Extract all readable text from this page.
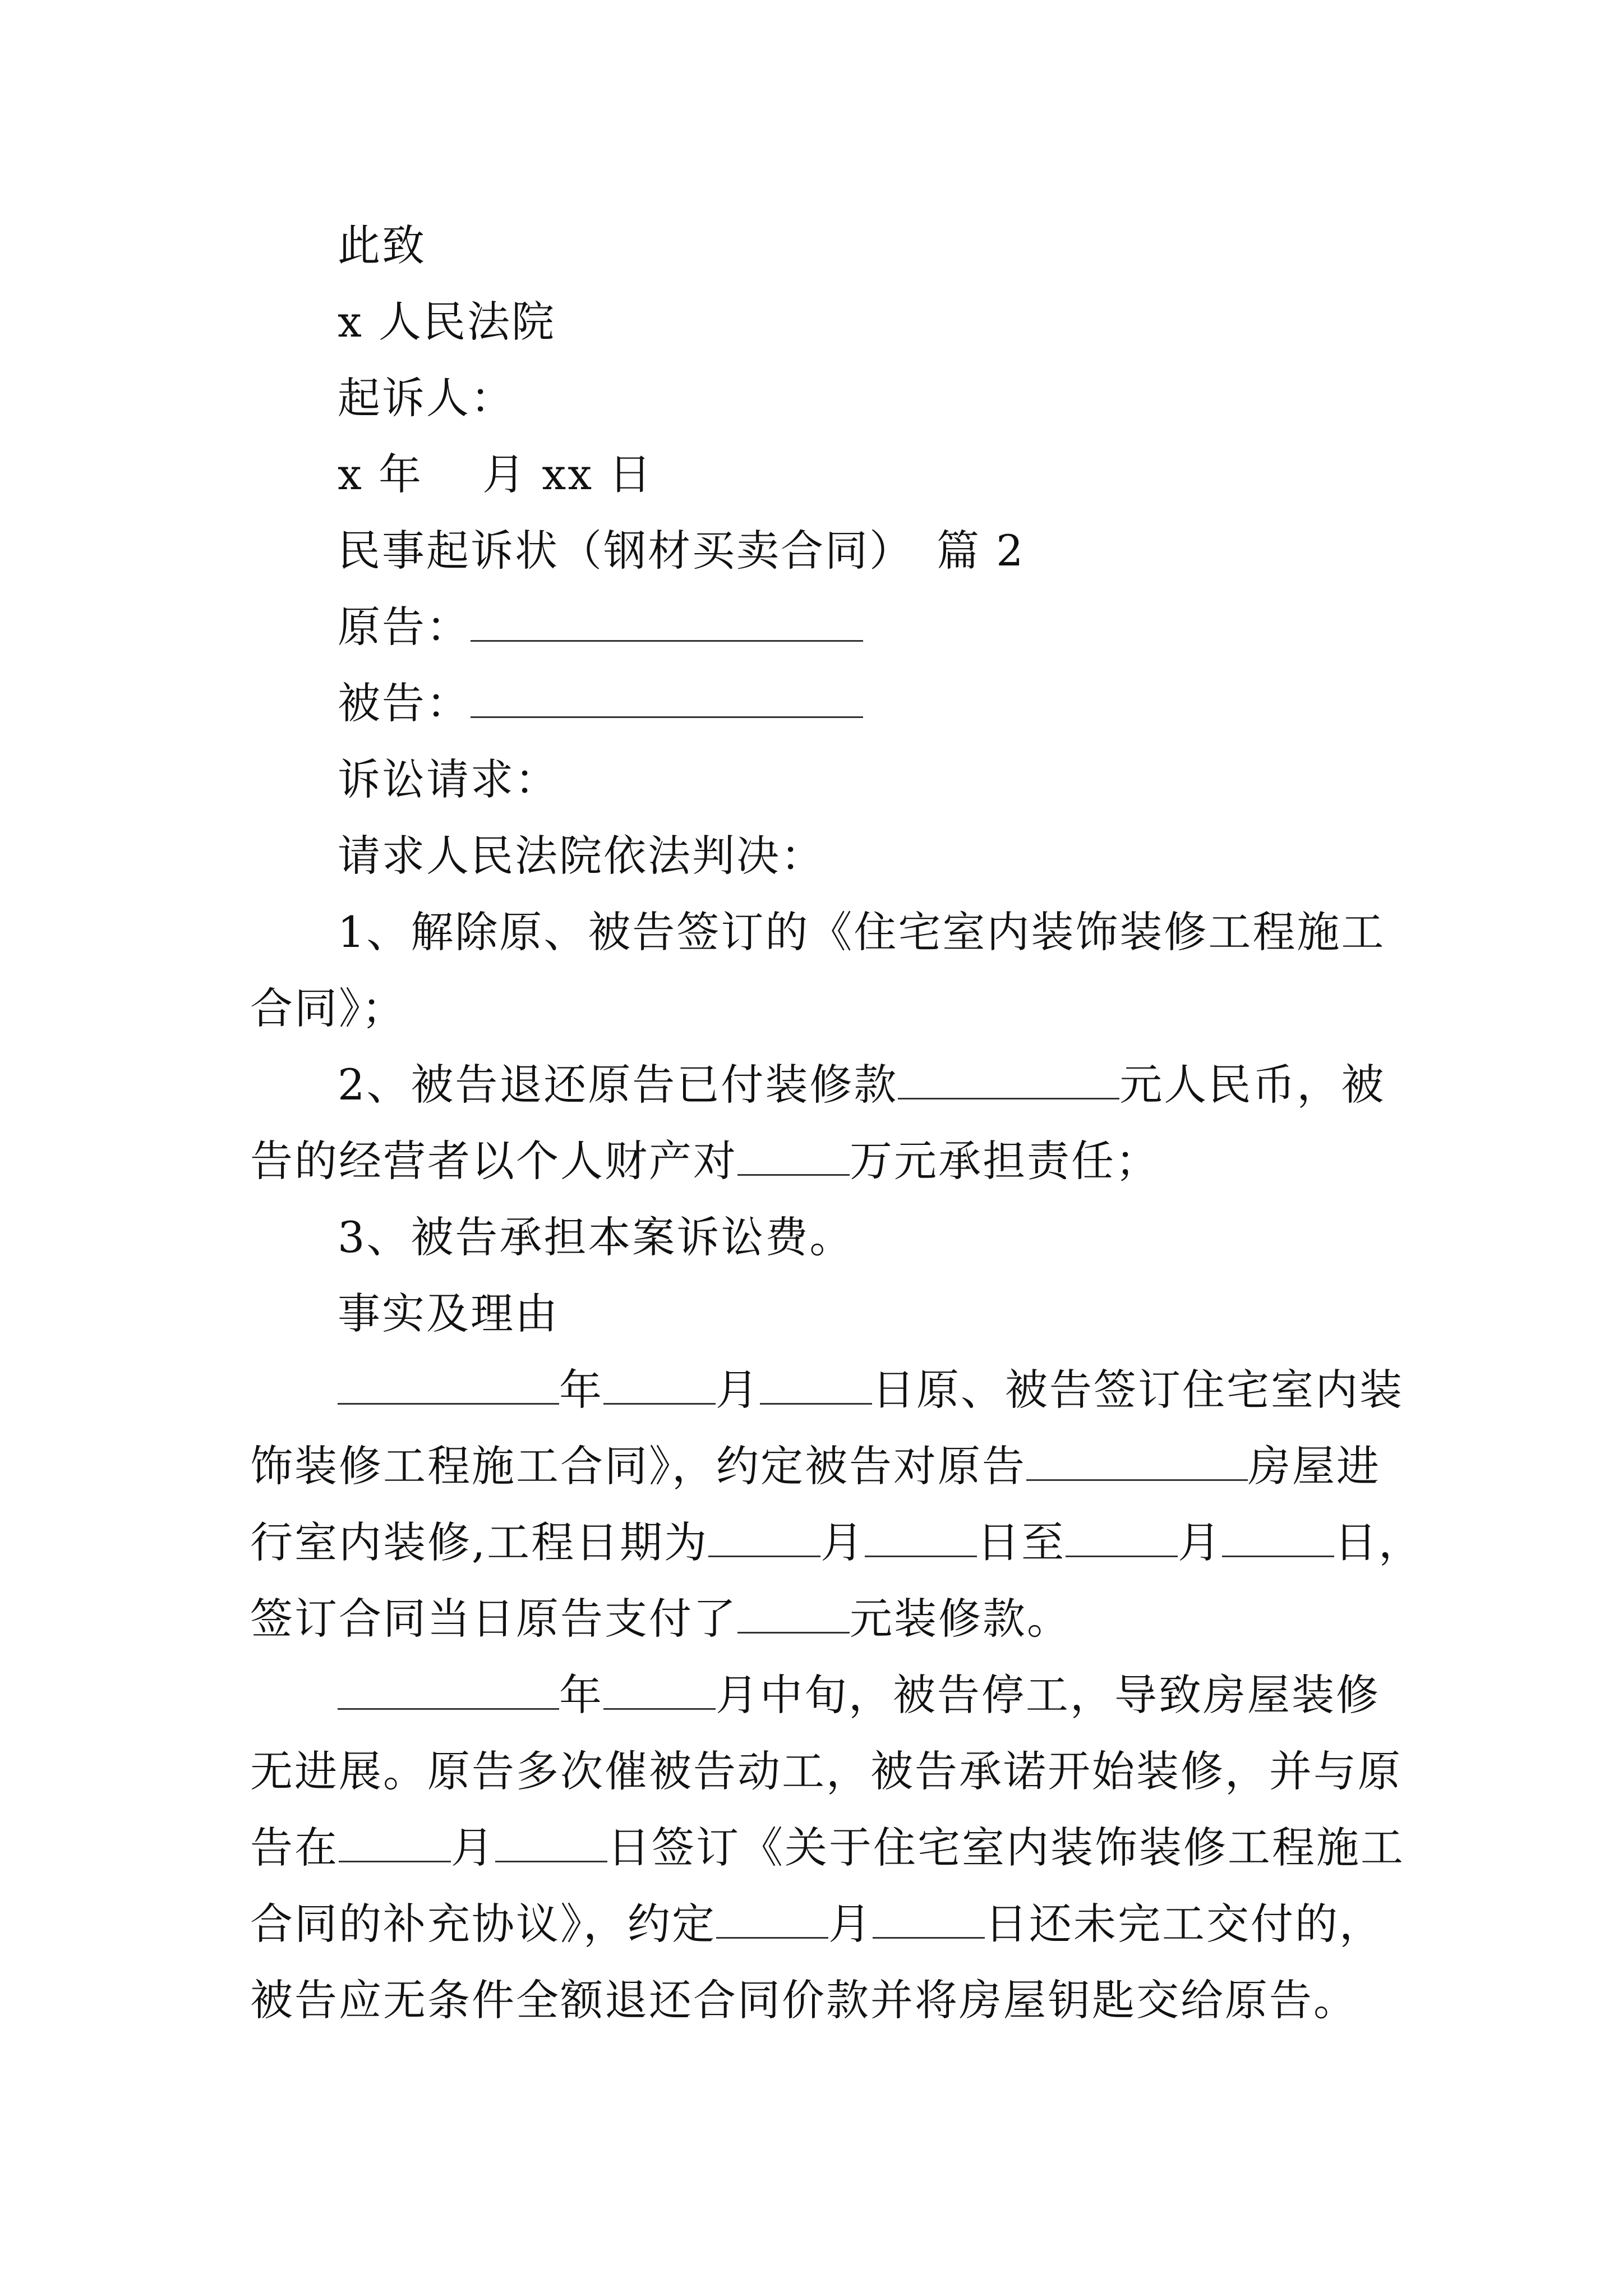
此致
x 人民法院
起诉人：
x 年　 月 xx 日
民事起诉状（钢材买卖合同）　篇 2
原告：
被告：
诉讼请求：
请求人民法院依法判决：
1、解除原、被告签订的《住宅室内装饰装修工程施工
合同》；
2、被告退还原告已付装修款	元人民币，被
告的经营者以个人财产对	万元承担责任；
3、被告承担本案诉讼费。
事实及理由
年	月	日原、被告签订住宅室内装
饰装修工程施工合同》，约定被告对原告	房屋进
行室内装修,工程日期为	月	日至	月	日，
签订合同当日原告支付了	元装修款。
年	月中旬，被告停工，导致房屋装修
无进展。原告多次催被告动工，被告承诺开始装修，并与原
告在	月	日签订《关于住宅室内装饰装修工程施工
合同的补充协议》，约定	月	日还未完工交付的，
被告应无条件全额退还合同价款并将房屋钥匙交给原告。
